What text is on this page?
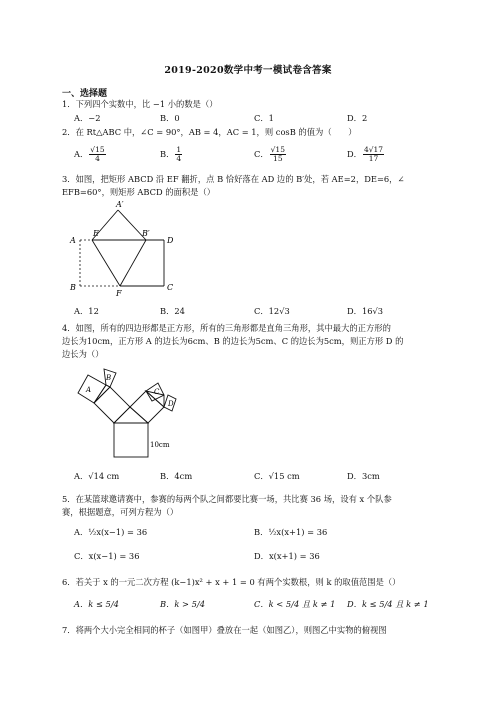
2019-2020数学中考一模试卷含答案
一、选择题
1．下列四个实数中，比 −1 小的数是（）
A．−2	B．0	C．1	D．2
2．在 Rt△ABC 中，∠C = 90°，AB = 4，AC = 1，则 cosB 的值为（　　）
A． $\frac{√15}{4}$	B． $\frac{1}{4}$	C． $\frac{√15}{15}$	D． $\frac{4√17}{17}$
3．如图，把矩形 ABCD 沿 EF 翻折，点 B 恰好落在 AD 边的 B′处，若 AE=2，DE=6，∠
EFB=60°，则矩形 ABCD 的面积是（）
A′
A
E	B′
D
B
F
C
A．12	B．24	C．12√3	D．16√3
4．如图，所有的四边形都是正方形，所有的三角形都是直角三角形，其中最大的正方形的
边长为10cm，正方形 A 的边长为6cm、B 的边长为5cm、C 的边长为5cm，则正方形 D 的
边长为（）
A
B
C
D
10cm
A．√14 cm	B．4cm	C．√15 cm	D．3cm
5．在某篮球邀请赛中，参赛的每两个队之间都要比赛一场，共比赛 36 场，设有 x 个队参
赛，根据题意，可列方程为（）
A．½x(x−1) = 36	B．½x(x+1) = 36
C．x(x−1) = 36	D．x(x+1) = 36
6．若关于 x 的一元二次方程 (k−1)x² + x + 1 = 0 有两个实数根，则 k 的取值范围是（）
A．k ≤ 5/4	B．k > 5/4	C．k < 5/4 且 k ≠ 1 D．k ≤ 5/4 且 k ≠ 1
7．将两个大小完全相同的杯子（如图甲）叠放在一起（如图乙），则图乙中实物的俯视图
